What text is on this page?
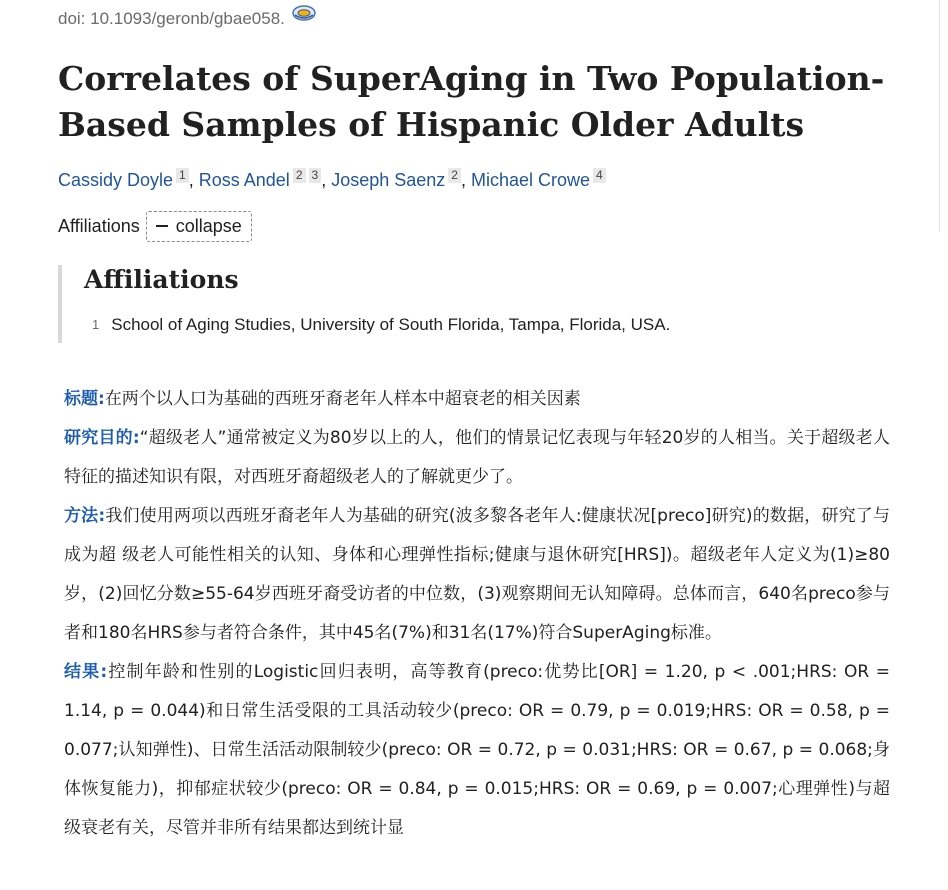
doi: 10.1093/geronb/gbae058.
Correlates of SuperAging in Two Population-Based Samples of Hispanic Older Adults
Cassidy Doyle 1 , Ross Andel 2 3 , Joseph Saenz 2 , Michael Crowe 4
Affiliations collapse
Affiliations
1 School of Aging Studies, University of South Florida, Tampa, Florida, USA.

标题:在两个以人口为基础的西班牙裔老年人样本中超衰老的相关因素

研究目的:“超级老人”通常被定义为80岁以上的人，他们的情景记忆表现与年轻20岁的人相当。关于超级老人特征的描述知识有限，对西班牙裔超级老人的了解就更少了。

方法:我们使用两项以西班牙裔老年人为基础的研究(波多黎各老年人:健康状况[preco]研究)的数据，研究了与成为超 级老人可能性相关的认知、身体和心理弹性指标;健康与退休研究[HRS])。超级老年人定义为(1)≥80岁，(2)回忆分数≥55-64岁西班牙裔受访者的中位数，(3)观察期间无认知障碍。总体而言，640名preco参与者和180名HRS参与者符合条件，其中45名(7%)和31名(17%)符合SuperAging标准。

结果:控制年龄和性别的Logistic回归表明，高等教育(preco:优势比[OR] = 1.20, p < .001;HRS: OR = 1.14, p = 0.044)和日常生活受限的工具活动较少(preco: OR = 0.79, p = 0.019;HRS: OR = 0.58, p = 0.077;认知弹性)、日常生活活动限制较少(preco: OR = 0.72, p = 0.031;HRS: OR = 0.67, p = 0.068;身体恢复能力)，抑郁症状较少(preco: OR = 0.84, p = 0.015;HRS: OR = 0.69, p = 0.007;心理弹性)与超级衰老有关，尽管并非所有结果都达到统计显
